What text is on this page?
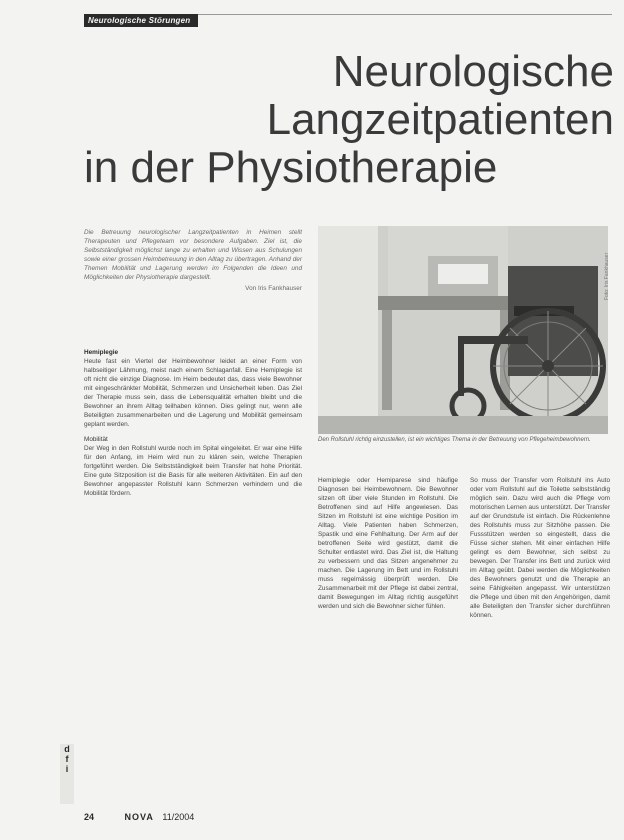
Neurologische Störungen
Neurologische
Langzeitpatienten
in der Physiotherapie
Die Betreuung neurologischer Langzeitpatienten in Heimen stellt Therapeuten und Pflegeteam vor besondere Aufgaben. Ziel ist, die Selbstständigkeit möglichst lange zu erhalten und Wissen aus Schulungen sowie einer grossen Heimbetreuung in den Alltag zu übertragen. Anhand der Themen Mobilität und Lagerung werden im Folgenden die Ideen und Möglichkeiten der Physiotherapie dargestellt.
Von Iris Fankhauser	Foto: Iris Fankhauser
Den Rollstuhl richtig einzustellen, ist ein wichtiges Thema in der Betreuung von Pflegeheimbewohnern.
Hemiplegie
Heute fast ein Viertel der Heimbewohner leidet an einer Form von halbseitiger Lähmung, meist nach einem Schlaganfall. Eine Hemiplegie ist oft nicht die einzige Diagnose. Im Heim bedeutet das, dass viele Bewohner mit eingeschränkter Mobilität, Schmerzen und Unsicherheit leben. Das Ziel der Therapie muss sein, dass die Lebensqualität erhalten bleibt und die Bewohner an ihrem Alltag teilhaben können. Dies gelingt nur, wenn alle Beteiligten zusammenarbeiten und die Lagerung und Mobilität gemeinsam geplant werden.
Mobilität
Der Weg in den Rollstuhl wurde noch im Spital eingeleitet. Er war eine Hilfe für den Anfang, im Heim wird nun zu klären sein, welche Therapien fortgeführt werden. Die Selbstständigkeit beim Transfer hat hohe Priorität. Eine gute Sitzposition ist die Basis für alle weiteren Aktivitäten. Ein auf den Bewohner angepasster Rollstuhl kann Schmerzen verhindern und die Mobilität fördern.
Hemiplegie oder Hemiparese sind häufige Diagnosen bei Heimbewohnern. Die Bewohner sitzen oft über viele Stunden im Rollstuhl. Die Betroffenen sind auf Hilfe angewiesen. Das Sitzen im Rollstuhl ist eine wichtige Position im Alltag. Viele Patienten haben Schmerzen, Spastik und eine Fehlhaltung. Der Arm auf der betroffenen Seite wird gestützt, damit die Schulter entlastet wird. Das Ziel ist, die Haltung zu verbessern und das Sitzen angenehmer zu machen. Die Lagerung im Bett und im Rollstuhl muss regelmässig überprüft werden. Die Zusammenarbeit mit der Pflege ist dabei zentral, damit Bewegungen im Alltag richtig ausgeführt werden und sich die Bewohner sicher fühlen.
So muss der Transfer vom Rollstuhl ins Auto oder vom Rollstuhl auf die Toilette selbstständig möglich sein. Dazu wird auch die Pflege vom motorischen Lernen aus unterstützt. Der Transfer auf der Grundstufe ist einfach. Die Rückenlehne des Rollstuhls muss zur Sitzhöhe passen. Die Fussstützen werden so eingestellt, dass die Füsse sicher stehen. Mit einer einfachen Hilfe gelingt es dem Bewohner, sich selbst zu bewegen. Der Transfer ins Bett und zurück wird im Alltag geübt. Dabei werden die Möglichkeiten des Bewohners genutzt und die Therapie an seine Fähigkeiten angepasst. Wir unterstützen die Pflege und üben mit den Angehörigen, damit alle Beteiligten den Transfer sicher durchführen können.
d
f
i
24	NOVA 11/2004
